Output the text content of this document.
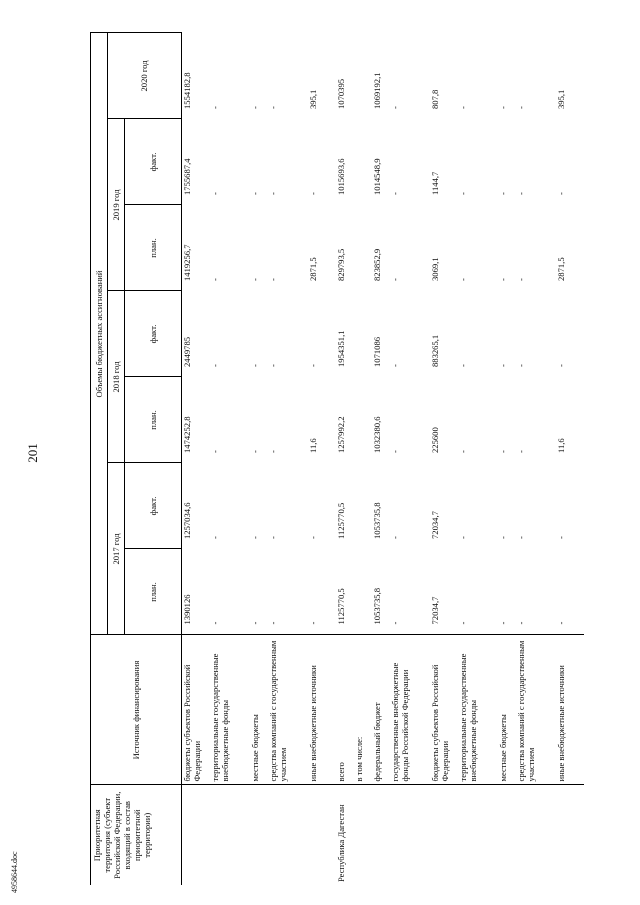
201
4958644.doc
Приоритетная территория (субъект Российской Федерации, входящий в состав приоритетной территории)	Источник финансирования	Объемы бюджетных ассигнований						
		2017 год		2018 год		2019 год		2020 год
		план.	факт.	план.	факт.	план.	факт.	
	бюджеты субъектов Российской Федерации	1390126	1257034,6	1474252,8	2449785	1419256,7	1755687,4	1554182,8
	территориальные государственные внебюджетные фонды	-	-	-	-	-	-	-
	местные бюджеты	-	-	-	-	-	-	-
	средства компаний с государственным участием	-	-	-	-	-	-	-
	иные внебюджетные источники	-	-	11,6	-	2871,5	-	395,1
Республика Дагестан	всего	1125770,5	1125770,5	1257992,2	1954351,1	829793,5	1015693,6	1070395
	в том числе:							
	федеральный бюджет	1053735,8	1053735,8	1032380,6	1071086	823852,9	1014548,9	1069192,1
	государственные внебюджетные фонды Российской Федерации	-	-	-	-	-	-	-
	бюджеты субъектов Российской Федерации	72034,7	72034,7	225600	883265,1	3069,1	1144,7	807,8
	территориальные государственные внебюджетные фонды	-	-	-	-	-	-	-
	местные бюджеты	-	-	-	-	-	-	-
	средства компаний с государственным участием	-	-	-	-	-	-	-
	иные внебюджетные источники	-	-	11,6	-	2871,5	-	395,1
